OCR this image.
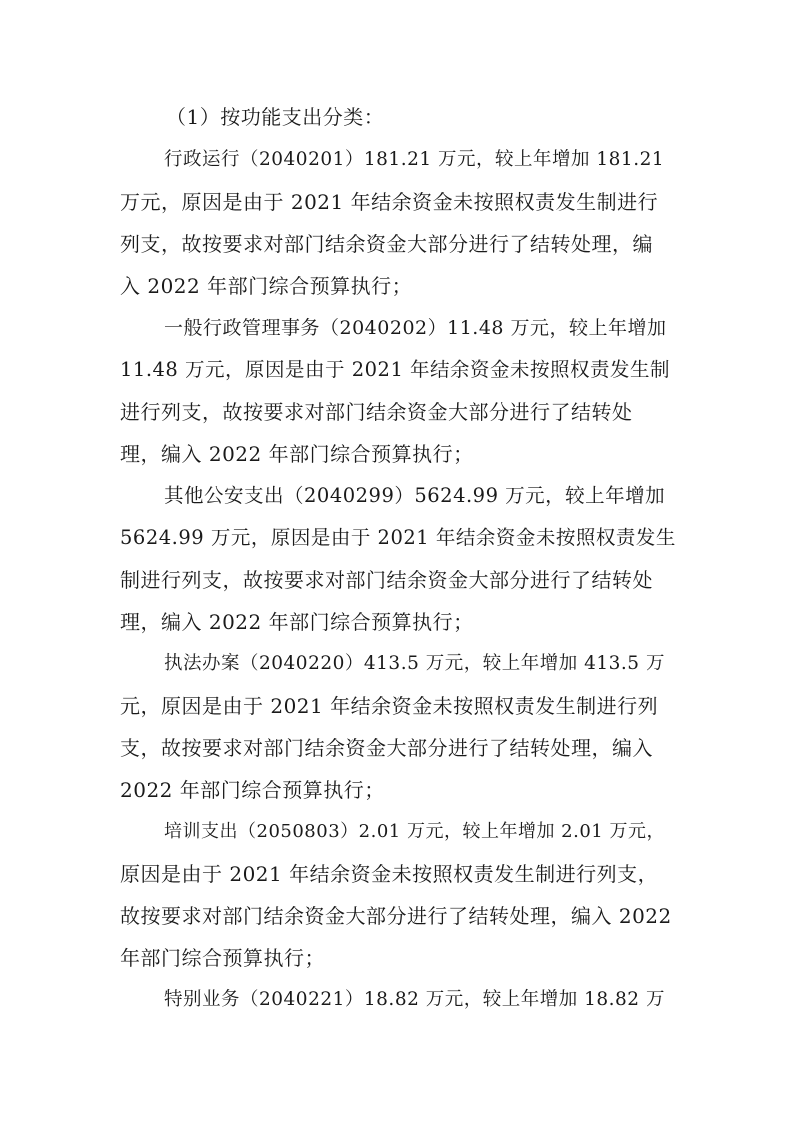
（1）按功能支出分类：
行政运行（2040201）181.21 万元，较上年增加 181.21
万元，原因是由于 2021 年结余资金未按照权责发生制进行
列支，故按要求对部门结余资金大部分进行了结转处理，编
入 2022 年部门综合预算执行；
一般行政管理事务（2040202）11.48 万元，较上年增加
11.48 万元，原因是由于 2021 年结余资金未按照权责发生制
进行列支，故按要求对部门结余资金大部分进行了结转处
理，编入 2022 年部门综合预算执行；
其他公安支出（2040299）5624.99 万元，较上年增加
5624.99 万元，原因是由于 2021 年结余资金未按照权责发生
制进行列支，故按要求对部门结余资金大部分进行了结转处
理，编入 2022 年部门综合预算执行；
执法办案（2040220）413.5 万元，较上年增加 413.5 万
元，原因是由于 2021 年结余资金未按照权责发生制进行列
支，故按要求对部门结余资金大部分进行了结转处理，编入
2022 年部门综合预算执行；
培训支出（2050803）2.01 万元，较上年增加 2.01 万元，
原因是由于 2021 年结余资金未按照权责发生制进行列支，
故按要求对部门结余资金大部分进行了结转处理，编入 2022
年部门综合预算执行；
特别业务（2040221）18.82 万元，较上年增加 18.82 万
